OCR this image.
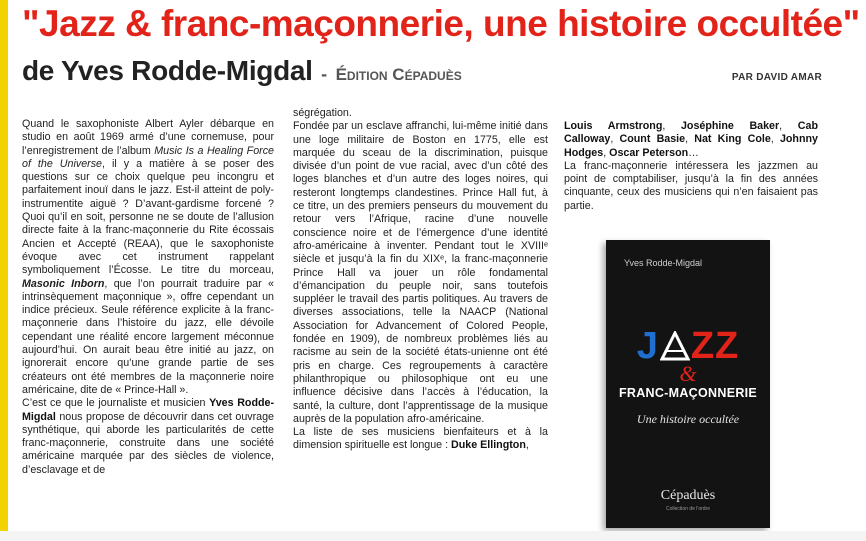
"Jazz & franc-maçonnerie, une histoire occultée"
de Yves Rodde-Migdal - Édition Cépaduès	PAR DAVID AMAR

Quand le saxophoniste Albert Ayler débarque en studio en août 1969 armé d’une cornemuse, pour l’enregistrement de l’album Music Is a Healing Force of the Universe, il y a matière à se poser des questions sur ce choix quelque peu incongru et parfaitement inouï dans le jazz. Est-il atteint de poly-instrumentite aiguë ? D’avant-gardisme forcené ? Quoi qu’il en soit, personne ne se doute de l’allusion directe faite à la franc-maçonnerie du Rite écossais Ancien et Accepté (REAA), que le saxophoniste évoque avec cet instrument rappelant symboliquement l’Écosse. Le titre du morceau, Masonic Inborn, que l’on pourrait traduire par « intrinsèquement maçonnique », offre cependant un indice précieux. Seule référence explicite à la franc-maçonnerie dans l’histoire du jazz, elle dévoile cependant une réalité encore largement méconnue aujourd’hui. On aurait beau être initié au jazz, on ignorerait encore qu’une grande partie de ses créateurs ont été membres de la maçonnerie noire américaine, dite de « Prince-Hall ».

C’est ce que le journaliste et musicien Yves Rodde-Migdal nous propose de découvrir dans cet ouvrage synthétique, qui aborde les particularités de cette franc-maçonnerie, construite dans une société américaine marquée par des siècles de violence, d’esclavage et de

ségrégation.

Fondée par un esclave affranchi, lui-même initié dans une loge militaire de Boston en 1775, elle est marquée du sceau de la discrimination, puisque divisée d’un point de vue racial, avec d’un côté des loges blanches et d’un autre des loges noires, qui resteront longtemps clandestines. Prince Hall fut, à ce titre, un des premiers penseurs du mouvement du retour vers l’Afrique, racine d’une nouvelle conscience noire et de l’émergence d’une identité afro-américaine à inventer. Pendant tout le XVIIIᵉ siècle et jusqu’à la fin du XIXᵉ, la franc-maçonnerie Prince Hall va jouer un rôle fondamental d’émancipation du peuple noir, sans toutefois suppléer le travail des partis politiques. Au travers de diverses associations, telle la NAACP (National Association for Advancement of Colored People, fondée en 1909), de nombreux problèmes liés au racisme au sein de la société états-unienne ont été pris en charge. Ces regroupements à caractère philanthropique ou philosophique ont eu une influence décisive dans l’accès à l’éducation, la santé, la culture, dont l’apprentissage de la musique auprès de la population afro-américaine.

La liste de ses musiciens bienfaiteurs et à la dimension spirituelle est longue : Duke Ellington,

Louis Armstrong, Joséphine Baker, Cab Calloway, Count Basie, Nat King Cole, Johnny Hodges, Oscar Peterson…

La franc-maçonnerie intéressera les jazzmen au point de comptabiliser, jusqu’à la fin des années cinquante, ceux des musiciens qui n’en faisaient pas partie.

Yves Rodde-Migdal
J ZZ
&
FRANC-MAÇONNERIE
Une histoire occultée
Cépaduès
Collection de l'ordre
